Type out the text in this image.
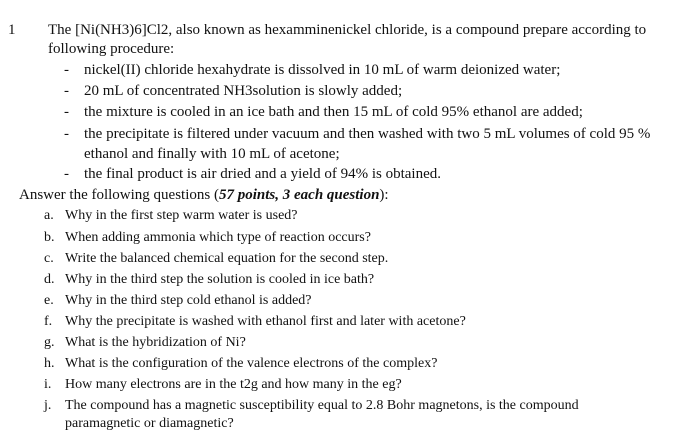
1 The [Ni(NH3)6]Cl2, also known as hexamminenickel chloride, is a compound prepare according to
following procedure:
- nickel(II) chloride hexahydrate is dissolved in 10 mL of warm deionized water;
- 20 mL of concentrated NH3solution is slowly added;
- the mixture is cooled in an ice bath and then 15 mL of cold 95% ethanol are added;
- the precipitate is filtered under vacuum and then washed with two 5 mL volumes of cold 95 %
ethanol and finally with 10 mL of acetone;
- the final product is air dried and a yield of 94% is obtained.
Answer the following questions (57 points, 3 each question):
a. Why in the first step warm water is used?
b. When adding ammonia which type of reaction occurs?
c. Write the balanced chemical equation for the second step.
d. Why in the third step the solution is cooled in ice bath?
e. Why in the third step cold ethanol is added?
f. Why the precipitate is washed with ethanol first and later with acetone?
g. What is the hybridization of Ni?
h. What is the configuration of the valence electrons of the complex?
i. How many electrons are in the t2g and how many in the eg?
j. The compound has a magnetic susceptibility equal to 2.8 Bohr magnetons, is the compound
paramagnetic or diamagnetic?
